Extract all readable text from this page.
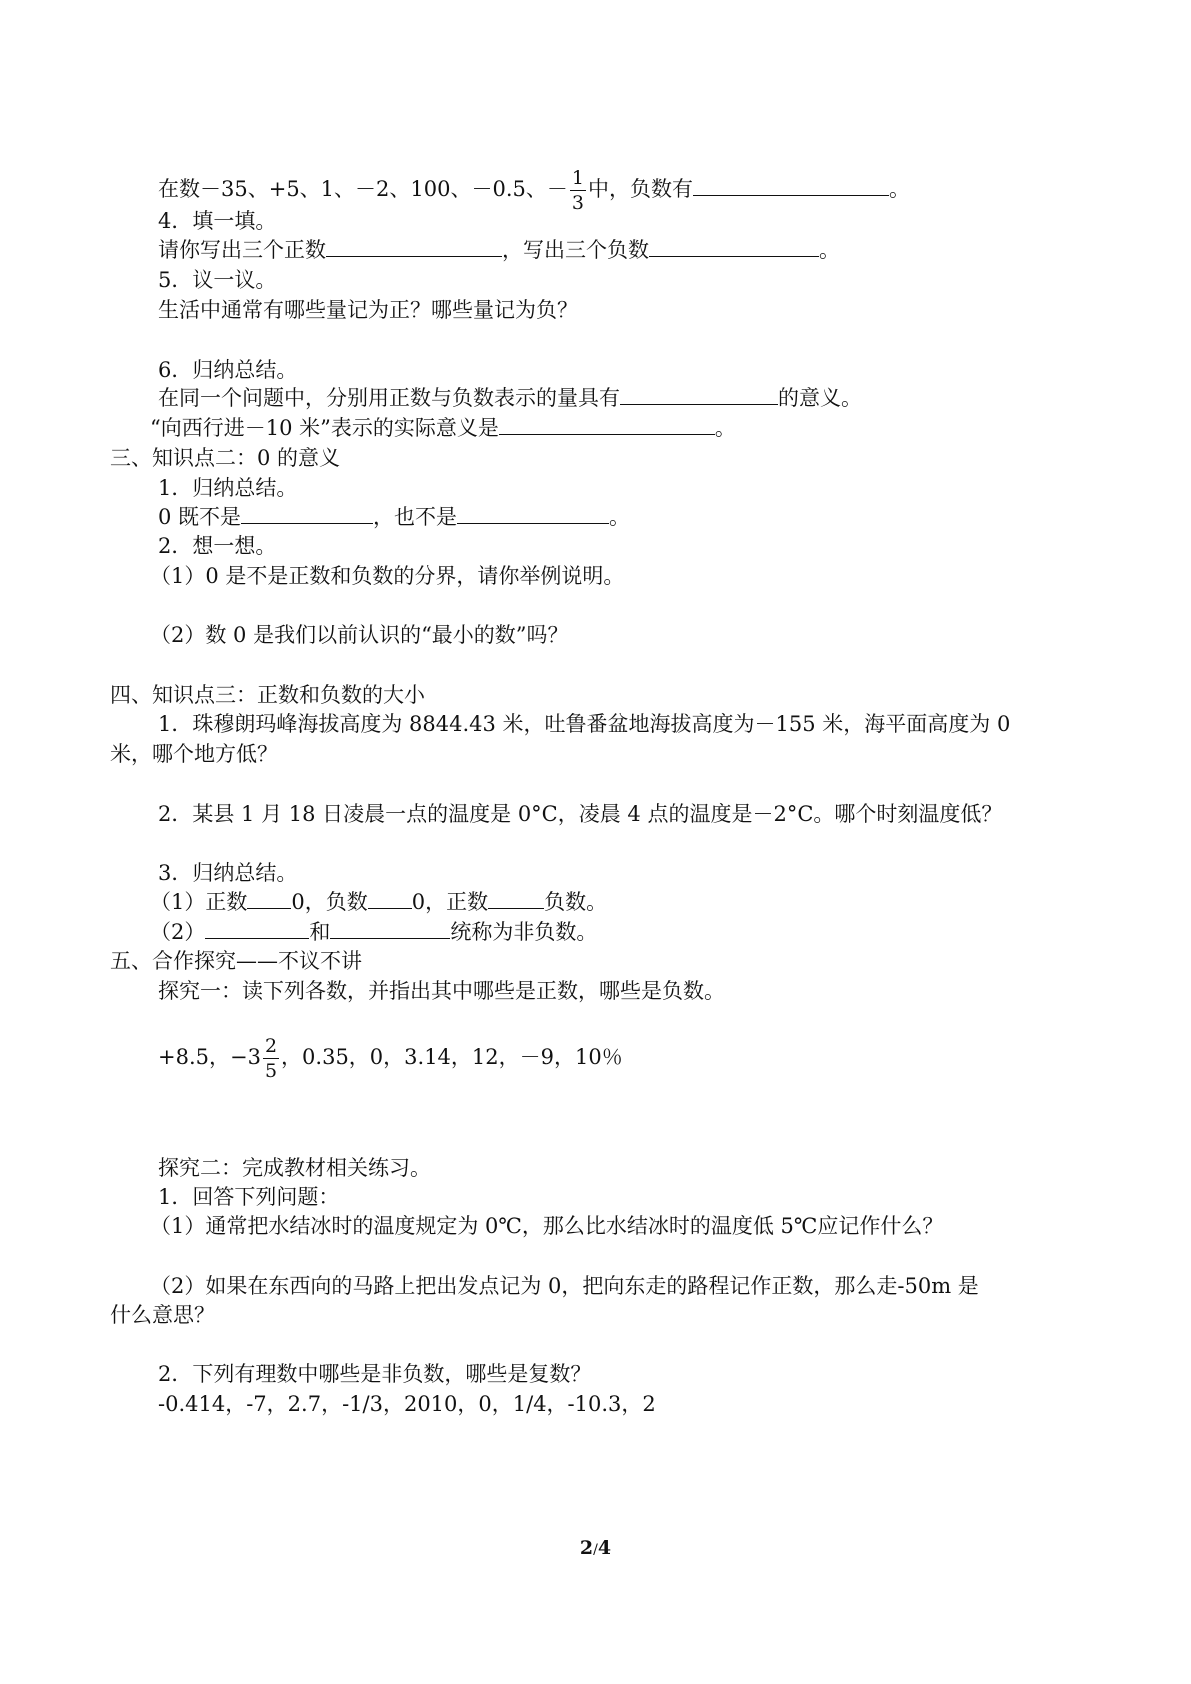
在数－35、+5、1、－2、100、－0.5、－ $\frac{1}{3}$ 中，负数有	。
4．填一填。
请你写出三个正数	，写出三个负数	。
5．议一议。
生活中通常有哪些量记为正？哪些量记为负？
6．归纳总结。
在同一个问题中，分别用正数与负数表示的量具有	的意义。
“向西行进－10 米”表示的实际意义是	。
三、知识点二：0 的意义
1．归纳总结。
0 既不是	，也不是	。
2．想一想。
（1）0 是不是正数和负数的分界，请你举例说明。
（2）数 0 是我们以前认识的“最小的数”吗？
四、知识点三：正数和负数的大小
1．珠穆朗玛峰海拔高度为 8844.43 米，吐鲁番盆地海拔高度为－155 米，海平面高度为 0
米，哪个地方低？
2．某县 1 月 18 日凌晨一点的温度是 0°C，凌晨 4 点的温度是－2°C。哪个时刻温度低？
3．归纳总结。
（1）正数 0，负数 0，正数	负数。
（2）	和	统称为非负数。
五、合作探究——不议不讲
探究一：读下列各数，并指出其中哪些是正数，哪些是负数。
+8.5，$-3 \frac{2}{5}$ ，0.35，0，3.14，12，－9，10％
探究二：完成教材相关练习。
1．回答下列问题：
（1）通常把水结冰时的温度规定为 0℃，那么比水结冰时的温度低 5℃应记作什么？
（2）如果在东西向的马路上把出发点记为 0，把向东走的路程记作正数，那么走-50m 是
什么意思？
2．下列有理数中哪些是非负数，哪些是复数？
-0.414，-7，2.7，-1/3，2010，0，1/4，-10.3，2
2/4
